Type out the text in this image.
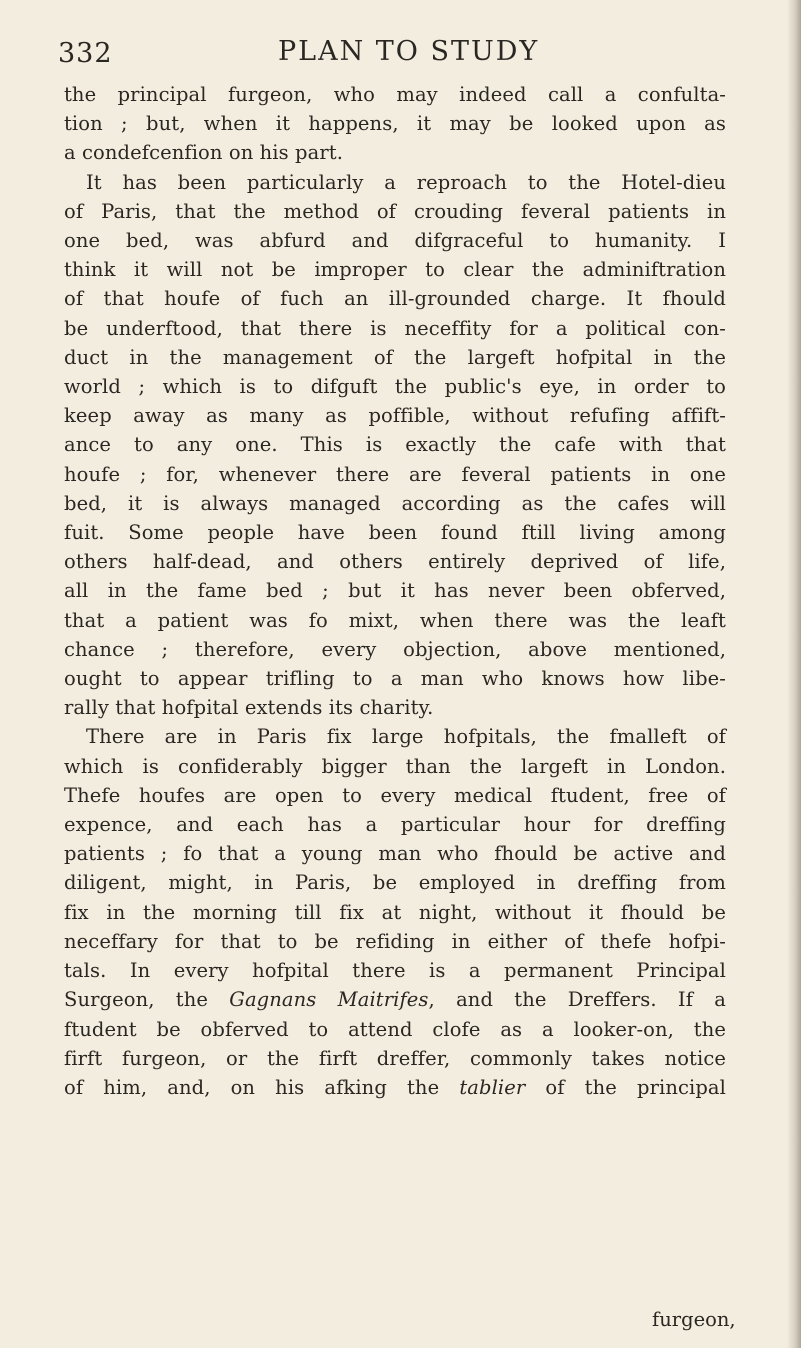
332	PLAN TO STUDY
the principal furgeon, who may indeed call a confulta-
tion ; but, when it happens, it may be looked upon as
a condefcenfion on his part.
It has been particularly a reproach to the Hotel-dieu
of Paris, that the method of crouding feveral patients in
one bed, was abfurd and difgraceful to humanity. I
think it will not be improper to clear the adminiftration
of that houfe of fuch an ill-grounded charge. It fhould
be underftood, that there is neceffity for a political con-
duct in the management of the largeft hofpital in the
world ; which is to difguft the public's eye, in order to
keep away as many as poffible, without refufing affift-
ance to any one. This is exactly the cafe with that
houfe ; for, whenever there are feveral patients in one
bed, it is always managed according as the cafes will
fuit. Some people have been found ftill living among
others half-dead, and others entirely deprived of life,
all in the fame bed ; but it has never been obferved,
that a patient was fo mixt, when there was the leaft
chance ; therefore, every objection, above mentioned,
ought to appear trifling to a man who knows how libe-
rally that hofpital extends its charity.
There are in Paris fix large hofpitals, the fmalleft of
which is confiderably bigger than the largeft in London.
Thefe houfes are open to every medical ftudent, free of
expence, and each has a particular hour for dreffing
patients ; fo that a young man who fhould be active and
diligent, might, in Paris, be employed in dreffing from
fix in the morning till fix at night, without it fhould be
neceffary for that to be refiding in either of thefe hofpi-
tals. In every hofpital there is a permanent Principal
Surgeon, the Gagnans Maitrifes, and the Dreffers. If a
ftudent be obferved to attend clofe as a looker-on, the
firft furgeon, or the firft dreffer, commonly takes notice
of him, and, on his afking the tablier of the principal
furgeon,
